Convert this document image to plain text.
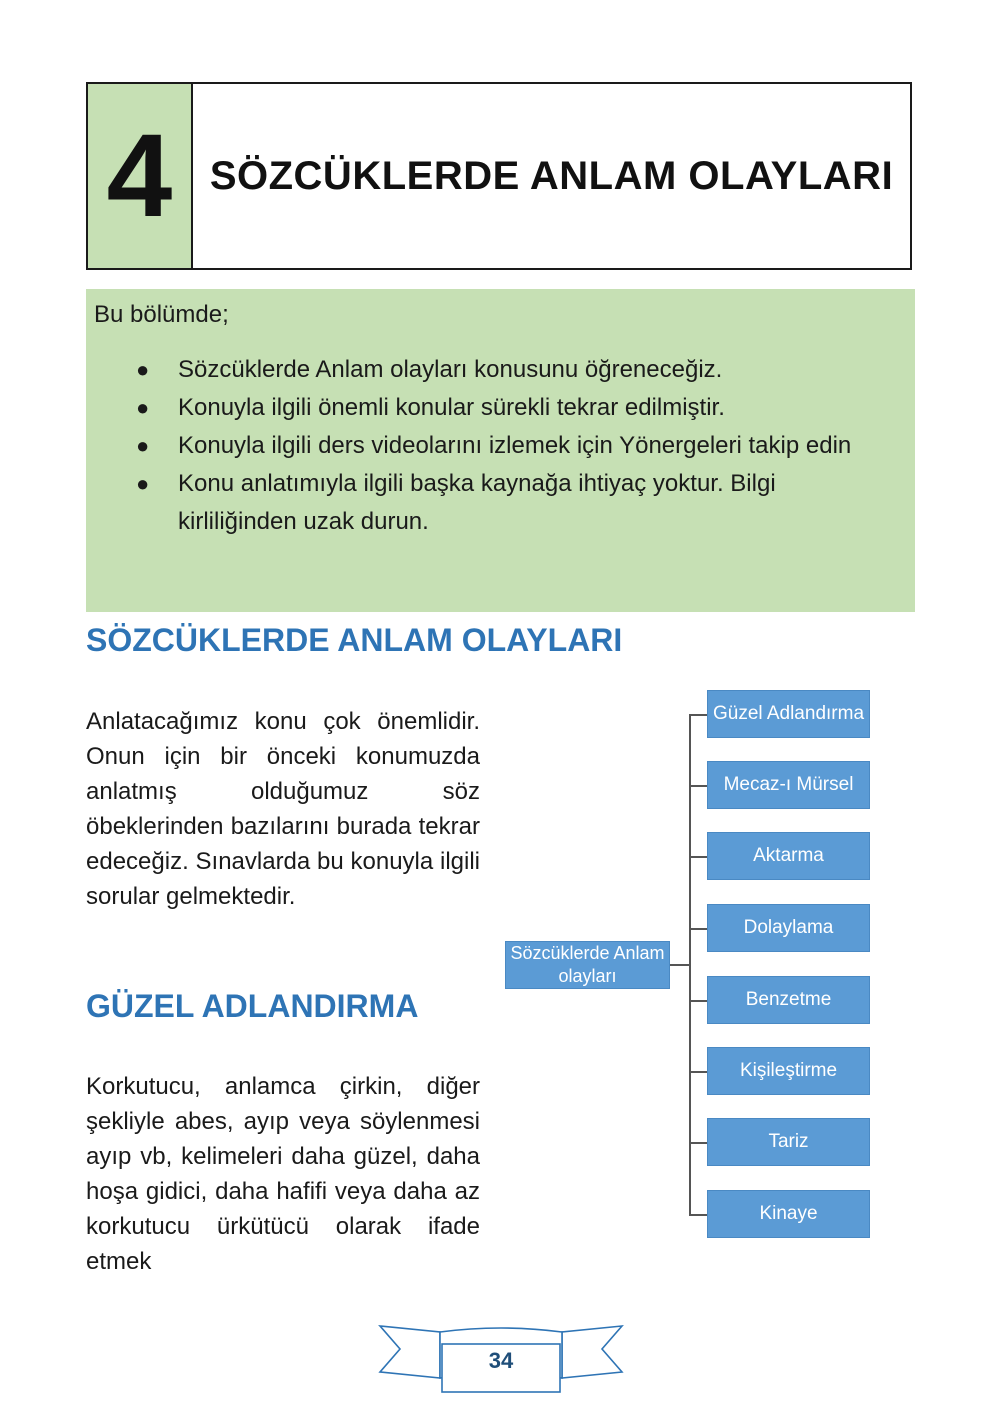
4 SÖZCÜKLERDE ANLAM OLAYLARI
Bu bölümde;
● Sözcüklerde Anlam olayları konusunu öğreneceğiz.
● Konuyla ilgili önemli konular sürekli tekrar edilmiştir.
● Konuyla ilgili ders videolarını izlemek için Yönergeleri takip edin
● Konu anlatımıyla ilgili başka kaynağa ihtiyaç yoktur. Bilgi kirliliğinden uzak durun.
SÖZCÜKLERDE ANLAM OLAYLARI
Anlatacağımız konu çok önemlidir. Onun için bir önceki konumuzda anlatmış olduğumuz söz öbeklerinden bazılarını burada tekrar edeceğiz. Sınavlarda bu konuyla ilgili sorular gelmektedir.
GÜZEL ADLANDIRMA
Korkutucu, anlamca çirkin, diğer şekliyle abes, ayıp veya söylenmesi ayıp vb, kelimeleri daha güzel, daha hoşa gidici, daha hafifi veya daha az korkutucu ürkütücü olarak ifade etmek
Sözcüklerde Anlam olayları
Güzel Adlandırma
Mecaz-ı Mürsel
Aktarma
Dolaylama
Benzetme
Kişileştirme
Tariz
Kinaye
34
